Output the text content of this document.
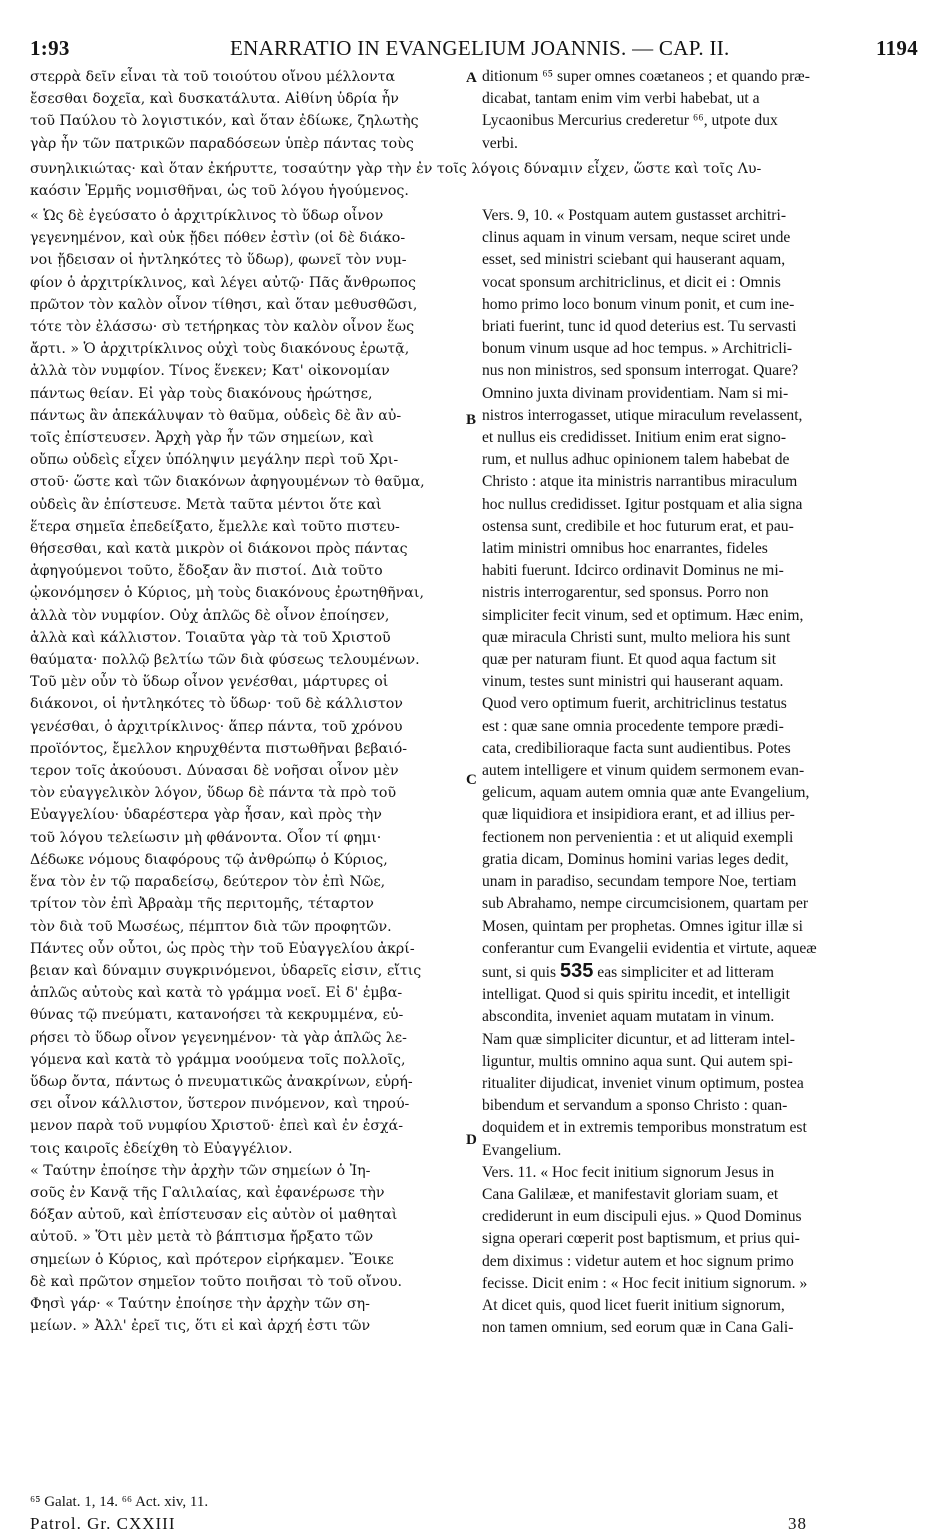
1:93	ENARRATIO IN EVANGELIUM JOANNIS. — CAP. II.	1194

στερρὰ δεῖν εἶναι τὰ τοῦ τοιούτου οἴνου μέλλοντα

ἔσεσθαι δοχεῖα, καὶ δυσκατάλυτα. Αἰθίνη ὑδρία ἦν

τοῦ Παύλου τὸ λογιστικόν, καὶ ὅταν ἐδίωκε, ζηλωτὴς

γὰρ ἦν τῶν πατρικῶν παραδόσεων ὑπὲρ πάντας τοὺς

ditionum ⁶⁵ super omnes coætaneos ; et quando præ-

dicabat, tantam enim vim verbi habebat, ut a

Lycaonibus Mercurius crederetur ⁶⁶, utpote dux

verbi.

συνηλικιώτας· καὶ ὅταν ἐκήρυττε, τοσαύτην γὰρ τὴν ἐν τοῖς λόγοις δύναμιν εἶχεν, ὥστε καὶ τοῖς Λυ-

καόσιν Ἑρμῆς νομισθῆναι, ὡς τοῦ λόγου ἡγούμενος.

« Ὡς δὲ ἐγεύσατο ὁ ἀρχιτρίκλινος τὸ ὕδωρ οἶνον

γεγενημένον, καὶ οὐκ ᾔδει πόθεν ἐστὶν (οἱ δὲ διάκο-

νοι ᾔδεισαν οἱ ἠντληκότες τὸ ὕδωρ), φωνεῖ τὸν νυμ-

φίον ὁ ἀρχιτρίκλινος, καὶ λέγει αὐτῷ· Πᾶς ἄνθρωπος

πρῶτον τὸν καλὸν οἶνον τίθησι, καὶ ὅταν μεθυσθῶσι,

τότε τὸν ἐλάσσω· σὺ τετήρηκας τὸν καλὸν οἶνον ἕως

ἄρτι. » Ὁ ἀρχιτρίκλινος οὐχὶ τοὺς διακόνους ἐρωτᾷ,

ἀλλὰ τὸν νυμφίον. Τίνος ἕνεκεν; Κατ' οἰκονομίαν

πάντως θείαν. Εἰ γὰρ τοὺς διακόνους ἠρώτησε,

πάντως ἂν ἀπεκάλυψαν τὸ θαῦμα, οὐδεὶς δὲ ἂν αὐ-

τοῖς ἐπίστευσεν. Ἀρχὴ γὰρ ἦν τῶν σημείων, καὶ

οὔπω οὐδεὶς εἶχεν ὑπόληψιν μεγάλην περὶ τοῦ Χρι-

στοῦ· ὥστε καὶ τῶν διακόνων ἀφηγουμένων τὸ θαῦμα,

οὐδεὶς ἂν ἐπίστευσε. Μετὰ ταῦτα μέντοι ὅτε καὶ

ἕτερα σημεῖα ἐπεδείξατο, ἔμελλε καὶ τοῦτο πιστευ-

θήσεσθαι, καὶ κατὰ μικρὸν οἱ διάκονοι πρὸς πάντας

ἀφηγούμενοι τοῦτο, ἔδοξαν ἂν πιστοί. Διὰ τοῦτο

ᾠκονόμησεν ὁ Κύριος, μὴ τοὺς διακόνους ἐρωτηθῆναι,

ἀλλὰ τὸν νυμφίον. Οὐχ ἁπλῶς δὲ οἶνον ἐποίησεν,

ἀλλὰ καὶ κάλλιστον. Τοιαῦτα γὰρ τὰ τοῦ Χριστοῦ

θαύματα· πολλῷ βελτίω τῶν διὰ φύσεως τελουμένων.

Τοῦ μὲν οὖν τὸ ὕδωρ οἶνον γενέσθαι, μάρτυρες οἱ

διάκονοι, οἱ ἠντληκότες τὸ ὕδωρ· τοῦ δὲ κάλλιστον

γενέσθαι, ὁ ἀρχιτρίκλινος· ἅπερ πάντα, τοῦ χρόνου

προϊόντος, ἔμελλον κηρυχθέντα πιστωθῆναι βεβαιό-

τερον τοῖς ἀκούουσι. Δύνασαι δὲ νοῆσαι οἶνον μὲν

τὸν εὐαγγελικὸν λόγον, ὕδωρ δὲ πάντα τὰ πρὸ τοῦ

Εὐαγγελίου· ὑδαρέστερα γὰρ ἦσαν, καὶ πρὸς τὴν

τοῦ λόγου τελείωσιν μὴ φθάνοντα. Οἷον τί φημι·

Δέδωκε νόμους διαφόρους τῷ ἀνθρώπῳ ὁ Κύριος,

ἕνα τὸν ἐν τῷ παραδείσῳ, δεύτερον τὸν ἐπὶ Νῶε,

τρίτον τὸν ἐπὶ Ἀβραὰμ τῆς περιτομῆς, τέταρτον

τὸν διὰ τοῦ Μωσέως, πέμπτον διὰ τῶν προφητῶν.

Πάντες οὖν οὗτοι, ὡς πρὸς τὴν τοῦ Εὐαγγελίου ἀκρί-

βειαν καὶ δύναμιν συγκρινόμενοι, ὑδαρεῖς εἰσιν, εἴτις

ἁπλῶς αὐτοὺς καὶ κατὰ τὸ γράμμα νοεῖ. Εἰ δ' ἐμβα-

θύνας τῷ πνεύματι, κατανοήσει τὰ κεκρυμμένα, εὑ-

ρήσει τὸ ὕδωρ οἶνον γεγενημένον· τὰ γὰρ ἁπλῶς λε-

γόμενα καὶ κατὰ τὸ γράμμα νοούμενα τοῖς πολλοῖς,

ὕδωρ ὄντα, πάντως ὁ πνευματικῶς ἀνακρίνων, εὑρή-

σει οἶνον κάλλιστον, ὕστερον πινόμενον, καὶ τηρού-

μενον παρὰ τοῦ νυμφίου Χριστοῦ· ἐπεὶ καὶ ἐν ἐσχά-

τοις καιροῖς ἐδείχθη τὸ Εὐαγγέλιον.

« Ταύτην ἐποίησε τὴν ἀρχὴν τῶν σημείων ὁ Ἰη-

σοῦς ἐν Κανᾷ τῆς Γαλιλαίας, καὶ ἐφανέρωσε τὴν

δόξαν αὐτοῦ, καὶ ἐπίστευσαν εἰς αὐτὸν οἱ μαθηταὶ

αὐτοῦ. » Ὅτι μὲν μετὰ τὸ βάπτισμα ἤρξατο τῶν

σημείων ὁ Κύριος, καὶ πρότερον εἰρήκαμεν. Ἔοικε

δὲ καὶ πρῶτον σημεῖον τοῦτο ποιῆσαι τὸ τοῦ οἴνου.

Φησὶ γάρ· « Ταύτην ἐποίησε τὴν ἀρχὴν τῶν ση-

μείων. » Ἀλλ' ἐρεῖ τις, ὅτι εἰ καὶ ἀρχή ἐστι τῶν

Vers. 9, 10. « Postquam autem gustasset architri-

clinus aquam in vinum versam, neque sciret unde

esset, sed ministri sciebant qui hauserant aquam,

vocat sponsum architriclinus, et dicit ei : Omnis

homo primo loco bonum vinum ponit, et cum ine-

briati fuerint, tunc id quod deterius est. Tu servasti

bonum vinum usque ad hoc tempus. » Architricli-

nus non ministros, sed sponsum interrogat. Quare?

Omnino juxta divinam providentiam. Nam si mi-

nistros interrogasset, utique miraculum revelassent,

et nullus eis credidisset. Initium enim erat signo-

rum, et nullus adhuc opinionem talem habebat de

Christo : atque ita ministris narrantibus miraculum

hoc nullus credidisset. Igitur postquam et alia signa

ostensa sunt, credibile et hoc futurum erat, et pau-

latim ministri omnibus hoc enarrantes, fideles

habiti fuerunt. Idcirco ordinavit Dominus ne mi-

nistris interrogarentur, sed sponsus. Porro non

simpliciter fecit vinum, sed et optimum. Hæc enim,

quæ miracula Christi sunt, multo meliora his sunt

quæ per naturam fiunt. Et quod aqua factum sit

vinum, testes sunt ministri qui hauserant aquam.

Quod vero optimum fuerit, architriclinus testatus

est : quæ sane omnia procedente tempore prædi-

cata, credibilioraque facta sunt audientibus. Potes

autem intelligere et vinum quidem sermonem evan-

gelicum, aquam autem omnia quæ ante Evangelium,

quæ liquidiora et insipidiora erant, et ad illius per-

fectionem non pervenientia : et ut aliquid exempli

gratia dicam, Dominus homini varias leges dedit,

unam in paradiso, secundam tempore Noe, tertiam

sub Abrahamo, nempe circumcisionem, quartam per

Mosen, quintam per prophetas. Omnes igitur illæ si

conferantur cum Evangelii evidentia et virtute, aqueæ

sunt, si quis 535 eas simpliciter et ad litteram

intelligat. Quod si quis spiritu incedit, et intelligit

abscondita, inveniet aquam mutatam in vinum.

Nam quæ simpliciter dicuntur, et ad litteram intel-

liguntur, multis omnino aqua sunt. Qui autem spi-

ritualiter dijudicat, inveniet vinum optimum, postea

bibendum et servandum a sponso Christo : quan-

doquidem et in extremis temporibus monstratum est

Evangelium.

Vers. 11. « Hoc fecit initium signorum Jesus in

Cana Galilææ, et manifestavit gloriam suam, et

crediderunt in eum discipuli ejus. » Quod Dominus

signa operari cœperit post baptismum, et prius qui-

dem diximus : videtur autem et hoc signum primo

fecisse. Dicit enim : « Hoc fecit initium signorum. »

At dicet quis, quod licet fuerit initium signorum,

non tamen omnium, sed eorum quæ in Cana Gali-

A
B
C
D
⁶⁵ Galat. 1, 14. ⁶⁶ Act. xiv, 11.
Patrol. Gr. CXXIII	38
